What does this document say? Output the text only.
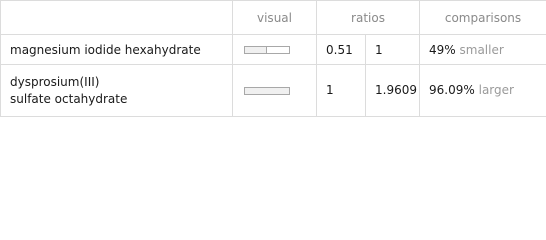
	visual	ratios		comparisons
magnesium iodide hexahydrate		0.51	1	49% smaller
dysprosium(III)
sulfate octahydrate		1	1.9609	96.09% larger
